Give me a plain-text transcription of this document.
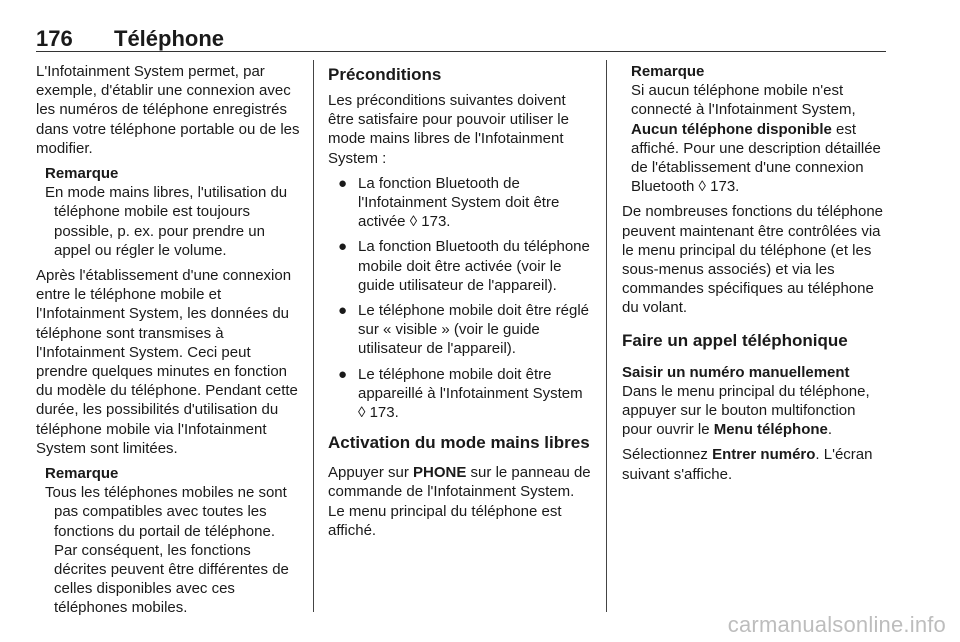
176 Téléphone

L'Infotainment System permet, par exemple, d'établir une connexion avec les numéros de téléphone enregistrés dans votre téléphone portable ou de les modifier.

Remarque
En mode mains libres, l'utilisation du téléphone mobile est toujours possible, p. ex. pour prendre un appel ou régler le volume.

Après l'établissement d'une connexion entre le téléphone mobile et l'Infotainment System, les données du téléphone sont transmises à l'Infotainment System. Ceci peut prendre quelques minutes en fonction du modèle du téléphone. Pendant cette durée, les possibilités d'utilisation du téléphone mobile via l'Infotainment System sont limitées.

Remarque
Tous les téléphones mobiles ne sont pas compatibles avec toutes les fonctions du portail de téléphone. Par conséquent, les fonctions décrites peuvent être différentes de celles disponibles avec ces téléphones mobiles.
Préconditions

Les préconditions suivantes doivent être satisfaire pour pouvoir utiliser le mode mains libres de l'Infotainment System :

● La fonction Bluetooth de l'Infotainment System doit être activée ◊ 173.
● La fonction Bluetooth du téléphone mobile doit être activée (voir le guide utilisateur de l'appareil).
● Le téléphone mobile doit être réglé sur « visible » (voir le guide utilisateur de l'appareil).
● Le téléphone mobile doit être appareillé à l'Infotainment System ◊ 173.
Activation du mode mains libres

Appuyer sur PHONE sur le panneau de commande de l'Infotainment System. Le menu principal du téléphone est affiché.

Remarque
Si aucun téléphone mobile n'est connecté à l'Infotainment System, Aucun téléphone disponible est affiché. Pour une description détaillée de l'établissement d'une connexion Bluetooth ◊ 173.

De nombreuses fonctions du téléphone peuvent maintenant être contrôlées via le menu principal du téléphone (et les sous-menus associés) et via les commandes spécifiques au téléphone du volant.

Faire un appel téléphonique
Saisir un numéro manuellement

Dans le menu principal du téléphone, appuyer sur le bouton multifonction pour ouvrir le Menu téléphone.

Sélectionnez Entrer numéro. L'écran suivant s'affiche.

carmanualsonline.info
